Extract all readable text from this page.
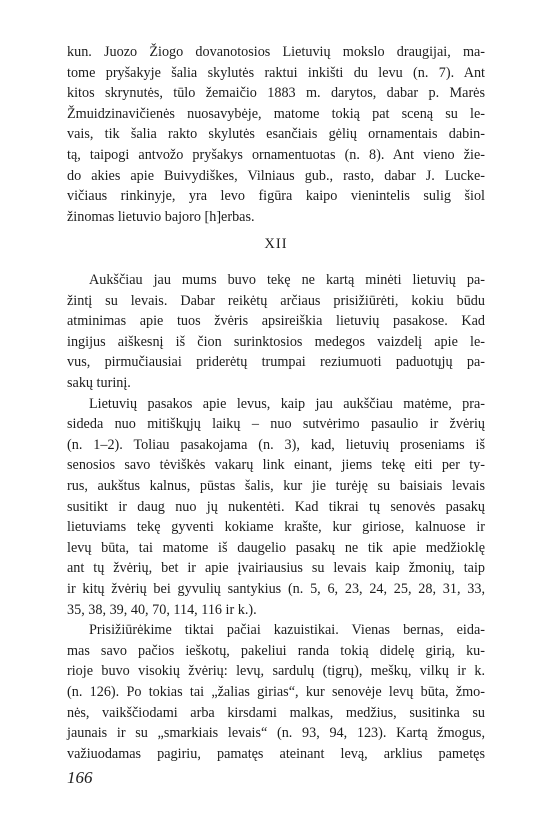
kun. Juozo Žiogo dovanotosios Lietuvių mokslo draugijai, ma-
tome pryšakyje šalia skylutės raktui inkišti du levu (n. 7). Ant
kitos skrynutės, tūlo žemaičio 1883 m. darytos, dabar p. Marės
Žmuidzinavičienės nuosavybėje, matome tokią pat sceną su le-
vais, tik šalia rakto skylutės esančiais gėlių ornamentais dabin-
tą, taipogi antvožo pryšakys ornamentuotas (n. 8). Ant vieno žie-
do akies apie Buivydiškes, Vilniaus gub., rasto, dabar J. Lucke-
vičiaus rinkinyje, yra levo figūra kaipo vienintelis sulig šiol
žinomas lietuvio bajoro [h]erbas.
XII
Aukščiau jau mums buvo tekę ne kartą minėti lietuvių pa-
žintį su levais. Dabar reikėtų arčiaus prisižiūrėti, kokiu būdu
atminimas apie tuos žvėris apsireiškia lietuvių pasakose. Kad
ingijus aiškesnį iš čion surinktosios medegos vaizdelį apie le-
vus, pirmučiausiai priderėtų trumpai reziumuoti paduotųjų pa-
sakų turinį.
Lietuvių pasakos apie levus, kaip jau aukščiau matėme, pra-
sideda nuo mitiškųjų laikų – nuo sutvėrimo pasaulio ir žvėrių
(n. 1–2). Toliau pasakojama (n. 3), kad, lietuvių proseniams iš
senosios savo tėviškės vakarų link einant, jiems tekę eiti per ty-
rus, aukštus kalnus, pūstas šalis, kur jie turėję su baisiais levais
susitikt ir daug nuo jų nukentėti. Kad tikrai tų senovės pasakų
lietuviams tekę gyventi kokiame krašte, kur giriose, kalnuose ir
levų būta, tai matome iš daugelio pasakų ne tik apie medžioklę
ant tų žvėrių, bet ir apie įvairiausius su levais kaip žmonių, taip
ir kitų žvėrių bei gyvulių santykius (n. 5, 6, 23, 24, 25, 28, 31, 33,
35, 38, 39, 40, 70, 114, 116 ir k.).
Prisižiūrėkime tiktai pačiai kazuistikai. Vienas bernas, eida-
mas savo pačios ieškotų, pakeliui randa tokią didelę girią, ku-
rioje buvo visokių žvėrių: levų, sardulų (tigrų), meškų, vilkų ir k.
(n. 126). Po tokias tai „žalias girias“, kur senovėje levų būta, žmo-
nės, vaikščiodami arba kirsdami malkas, medžius, susitinka su
jaunais ir su „smarkiais levais“ (n. 93, 94, 123). Kartą žmogus,
važiuodamas pagiriu, pamatęs ateinant levą, arklius pametęs
166
